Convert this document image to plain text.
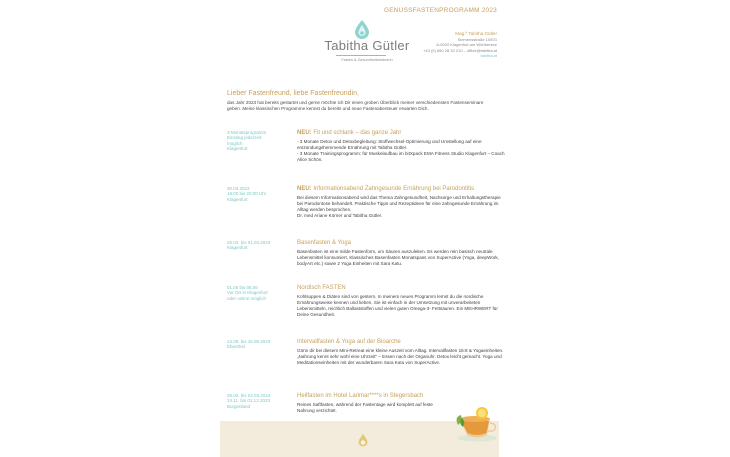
GENUSSFASTENPROGRAMM 2023
Tabitha Gütler
Fasten & Gesundheitstrainerin
Mag.ª Tabitha Gütler
Siemensstraße 10/EG
A-9020 Klagenfurt am Wörthersee
+43 (0) 650 28 32 210 – office@tabitha.at
tabitha.at
Lieber Fastenfreund, liebe Fastenfreundin,
das Jahr 2023 hat bereits gestartet und gerne möchte ich Dir einen groben Überblick meiner verschiedensten Fastenseminare geben. Meine klassischen Programme kennst du bereits und neue Fastenabenteuer erwarten Dich.
3-Monatsprogramm
Einstieg jederzeit
möglich
Klagenfurt
NEU: Fit und schlank – das ganze Jahr
- 3 Monate Detox und Detoxbegleitung: Stoffwechsel-Optimierung und Umstellung auf eine entzündungshemmende Ernährung mit Tabitha Gütler.
- 3 Monate Trainingsprogramm: für Muskelaufbau im bitXpack EMA Fitness Studio Klagenfurt – Coach Alice Schön.
30.03.2023
18:00 bis 20:00 Uhr
Klagenfurt
NEU: Informationsabend Zahngesunde Ernährung bei Parodontitis
Bei diesem Informationsabend wird das Thema Zahngesundheit, Nachsorge und Erhaltungstherapie bei Parodontose behandelt. Praktische Tipps und Rezeptideen für eine zahngesunde Ernährung im Alltag werden besprochen.
Dr. med Ariane Körner und Tabitha Gütler.
25.03. bis 01.04.2023
Klagenfurt
Basenfasten & Yoga
Basenfasten ist eine milde Fastenform, um Säuren auszuleiten. Es werden rein basisch neutrale Lebensmittel konsumiert. Klassisches Basenfasten Monatspass von SuperActive (Yoga, deepWork, bodyArt etc.) sowie 2 Yoga Einheiten mit Sara Katu.
01.06 bis 08.06
Vor Ort in Klagenfurt
oder online möglich
Nordisch FASTEN
Kohlsuppen & Diäten sind von gestern. In meinem neuen Programm lernst du die nordische Ernährungsweise kennen und lieben. Sie ist einfach in der Umsetzung mit unverarbeiteten Lebensmitteln, reichlich Ballaststoffen und vielen guten Omega-3- Fettsäuren. Ein MEHRWERT für Deine Gesundheit.
13.09. bis 16.09.2023
Ebenthal
Intervallfasten & Yoga auf der Bioarche
Gönn dir bei diesem Mini-Retreat eine kleine Auszeit vom Alltag. Intervallfasten 16:8 & Yogaeinheiten. „Nahrung kennt sehr wohl eine Uhrzeit" – Essen nach der Organuhr. Detox leicht gemacht. Yoga und Meditationseinheiten mit der wunderbaren Sara Katu von SuperActive.
26.02. bis 03.03.2023
24.11. bis 01.12.2023
Burgenland
Heilfasten im Hotel Larimar****s in Stegersbach
Reines Saftfasten, während der Fastentage wird komplett auf feste Nahrung verzichtet.
